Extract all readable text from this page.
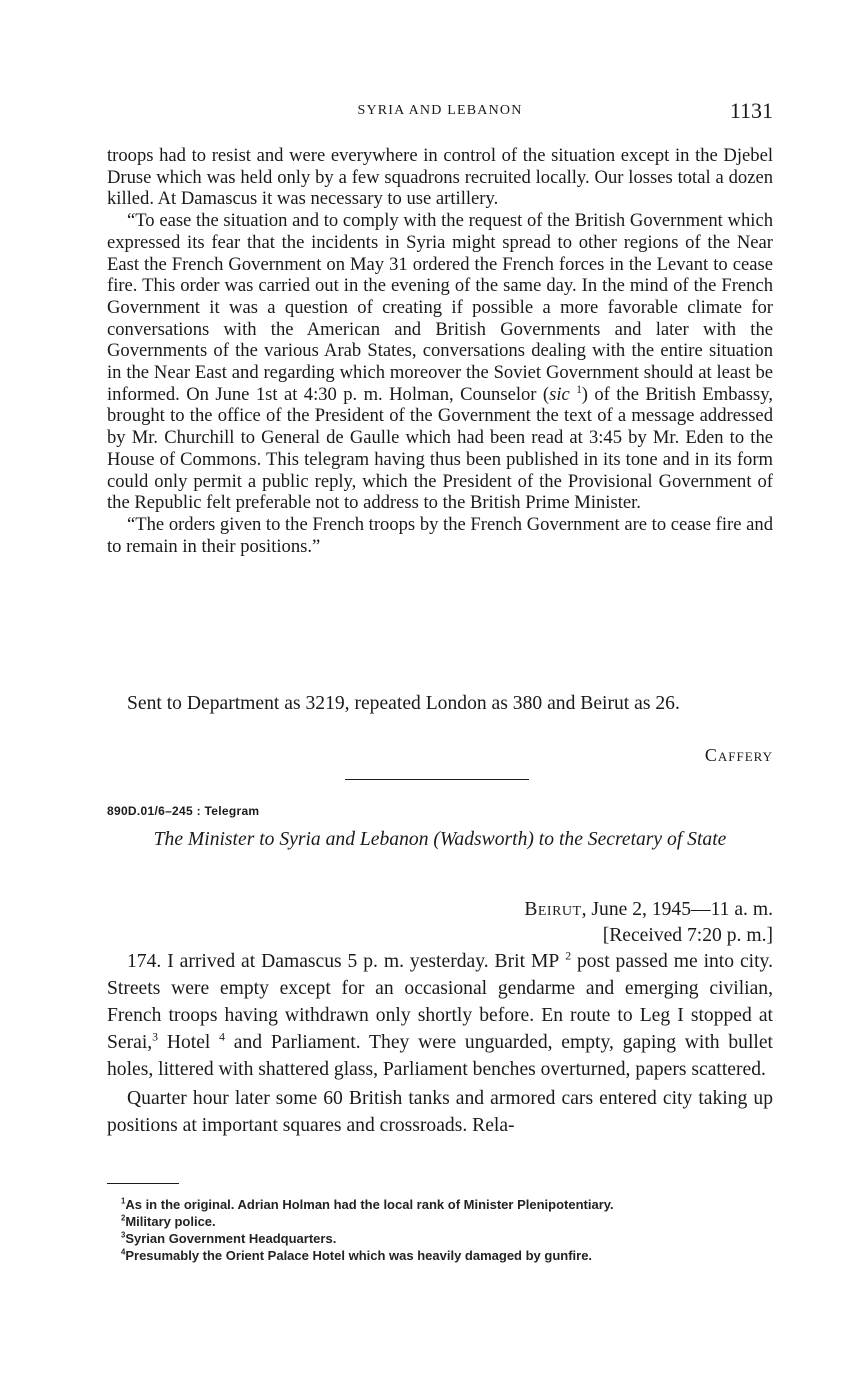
SYRIA AND LEBANON	1131

troops had to resist and were everywhere in control of the situation except in the Djebel Druse which was held only by a few squadrons recruited locally. Our losses total a dozen killed. At Damascus it was necessary to use artillery.

“To ease the situation and to comply with the request of the British Government which expressed its fear that the incidents in Syria might spread to other regions of the Near East the French Government on May 31 ordered the French forces in the Levant to cease fire. This order was carried out in the evening of the same day. In the mind of the French Government it was a question of creating if possible a more favorable climate for conversations with the American and British Governments and later with the Governments of the various Arab States, conversations dealing with the entire situation in the Near East and regarding which moreover the Soviet Government should at least be informed. On June 1st at 4:30 p. m. Holman, Counselor (sic $^1$) of the British Embassy, brought to the office of the President of the Government the text of a message addressed by Mr. Churchill to General de Gaulle which had been read at 3:45 by Mr. Eden to the House of Commons. This telegram having thus been published in its tone and in its form could only permit a public reply, which the President of the Provisional Government of the Republic felt preferable not to address to the British Prime Minister.

“The orders given to the French troops by the French Government are to cease fire and to remain in their positions.”

Sent to Department as 3219, repeated London as 380 and Beirut as 26.

Caffery
890D.01/6–245 : Telegram
The Minister to Syria and Lebanon (Wadsworth) to the Secretary of State
Beirut, June 2, 1945—11 a. m.
[Received 7:20 p. m.]

174. I arrived at Damascus 5 p. m. yesterday. Brit MP $^2$ post passed me into city. Streets were empty except for an occasional gendarme and emerging civilian, French troops having withdrawn only shortly before. En route to Leg I stopped at Serai,$^3$ Hotel $^4$ and Parliament. They were unguarded, empty, gaping with bullet holes, littered with shattered glass, Parliament benches overturned, papers scattered.

Quarter hour later some 60 British tanks and armored cars entered city taking up positions at important squares and crossroads. Rela-

$^1$As in the original. Adrian Holman had the local rank of Minister Plenipotentiary.

$^2$Military police.

$^3$Syrian Government Headquarters.

$^4$Presumably the Orient Palace Hotel which was heavily damaged by gunfire.
